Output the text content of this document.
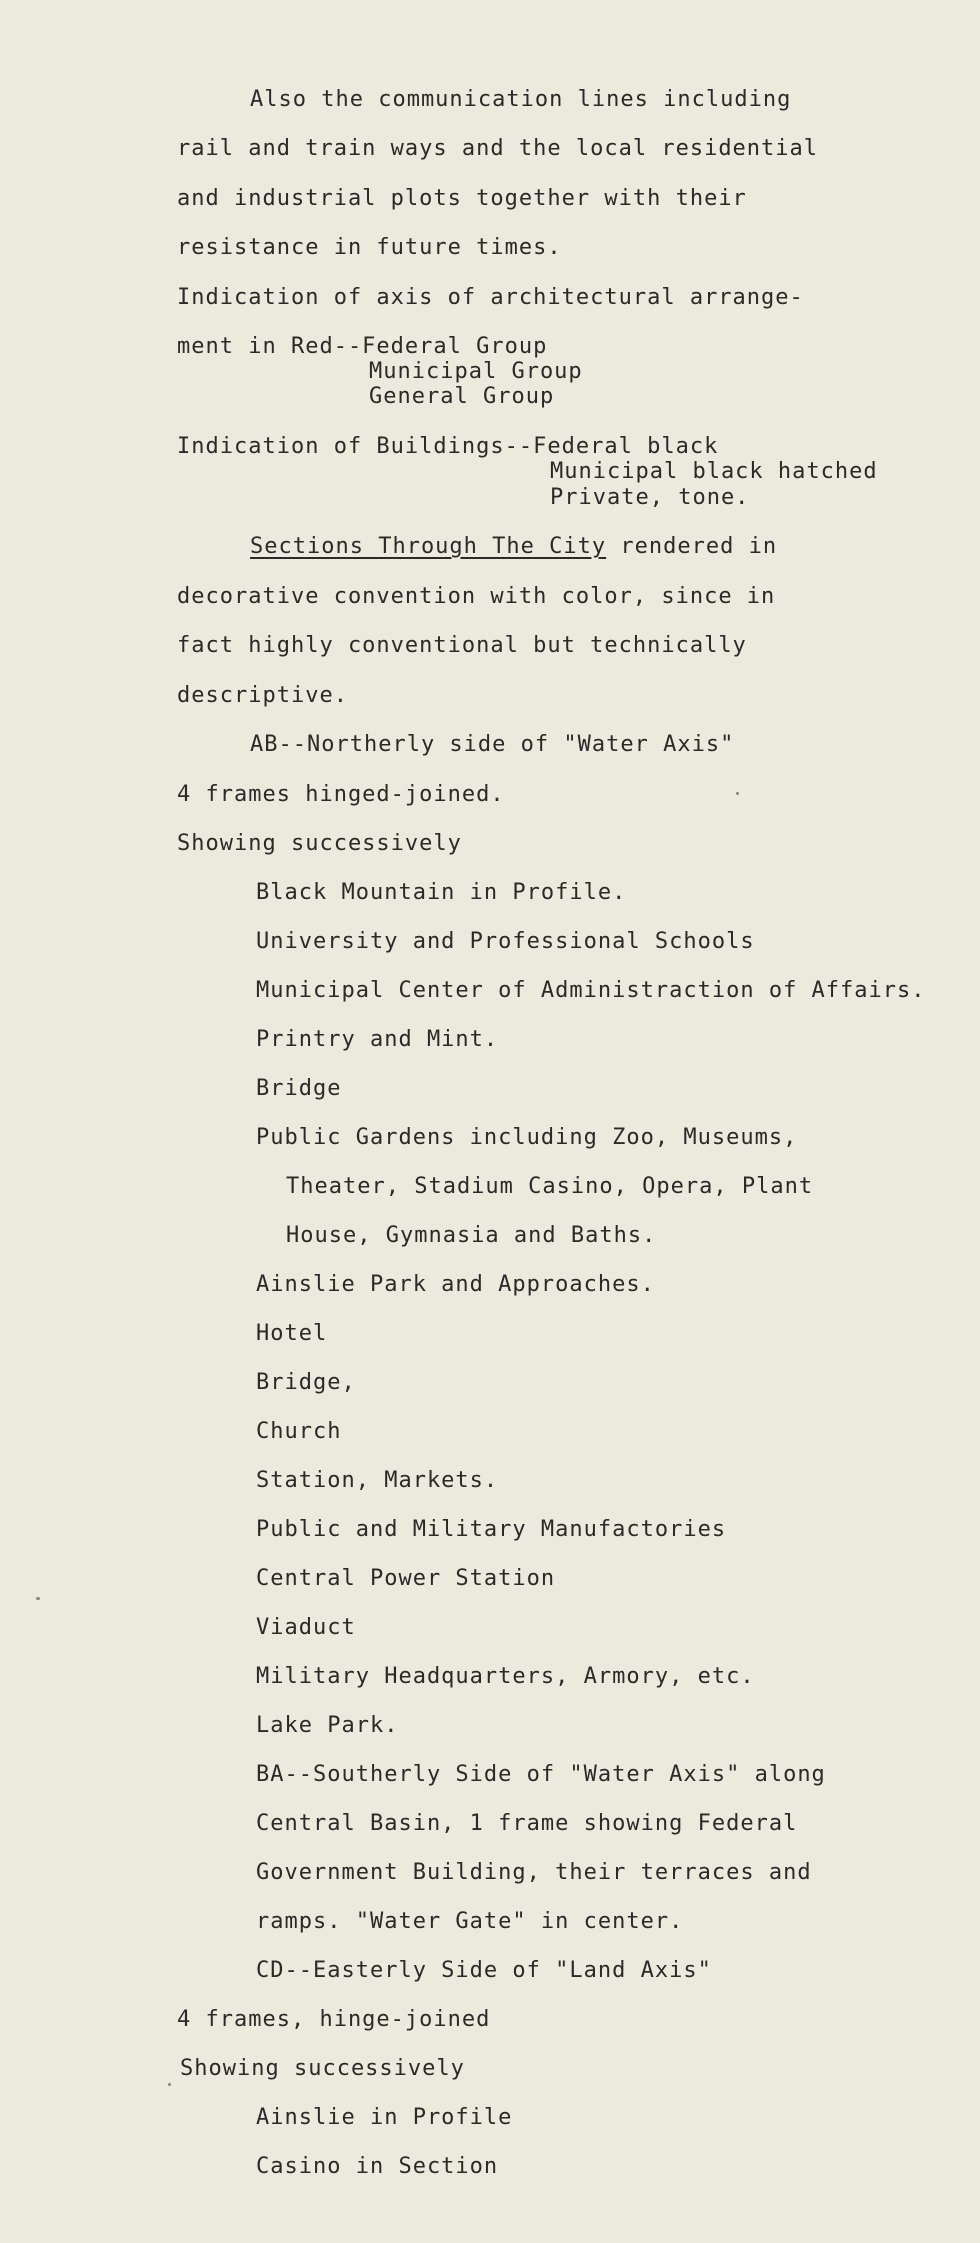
Also the communication lines including
rail and train ways and the local residential
and industrial plots together with their
resistance in future times.
Indication of axis of architectural arrange-
ment in Red--Federal Group
Municipal Group
General Group
Indication of Buildings--Federal black
Municipal black hatched
Private, tone.
Sections Through The City rendered in
decorative convention with color, since in
fact highly conventional but technically
descriptive.
AB--Northerly side of "Water Axis"
4 frames hinged-joined.
Showing successively
Black Mountain in Profile.
University and Professional Schools
Municipal Center of Administraction of Affairs.
Printry and Mint.
Bridge
Public Gardens including Zoo, Museums,
Theater, Stadium Casino, Opera, Plant
House, Gymnasia and Baths.
Ainslie Park and Approaches.
Hotel
Bridge,
Church
Station, Markets.
Public and Military Manufactories
Central Power Station
Viaduct
Military Headquarters, Armory, etc.
Lake Park.
BA--Southerly Side of "Water Axis" along
Central Basin, 1 frame showing Federal
Government Building, their terraces and
ramps. "Water Gate" in center.
CD--Easterly Side of "Land Axis"
4 frames, hinge-joined
Showing successively
Ainslie in Profile
Casino in Section
